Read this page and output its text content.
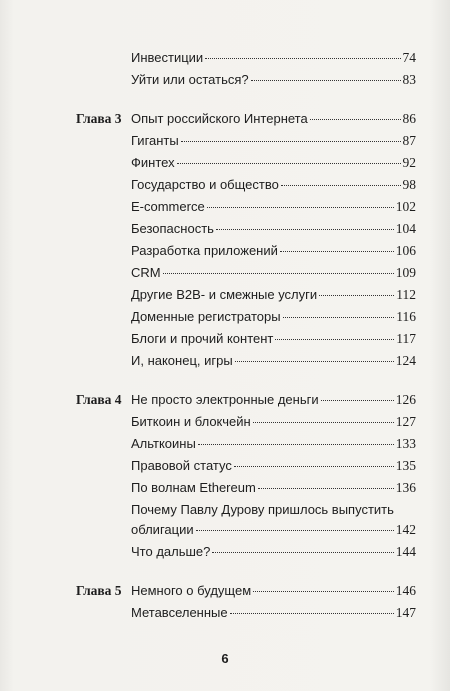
Инвестиции	74
Уйти или остаться?	83
Глава 3 Опыт российского Интернета	86
Гиганты	87
Финтех	92
Государство и общество	98
E-commerce	102
Безопасность	104
Разработка приложений	106
CRM	109
Другие B2B- и смежные услуги	112
Доменные регистраторы	116
Блоги и прочий контент	117
И, наконец, игры	124
Глава 4 Не просто электронные деньги	126
Биткоин и блокчейн	127
Альткоины	133
Правовой статус	135
По волнам Ethereum	136
Почему Павлу Дурову пришлось выпустить
облигации	142
Что дальше?	144
Глава 5 Немного о будущем	146
Метавселенные	147
6
